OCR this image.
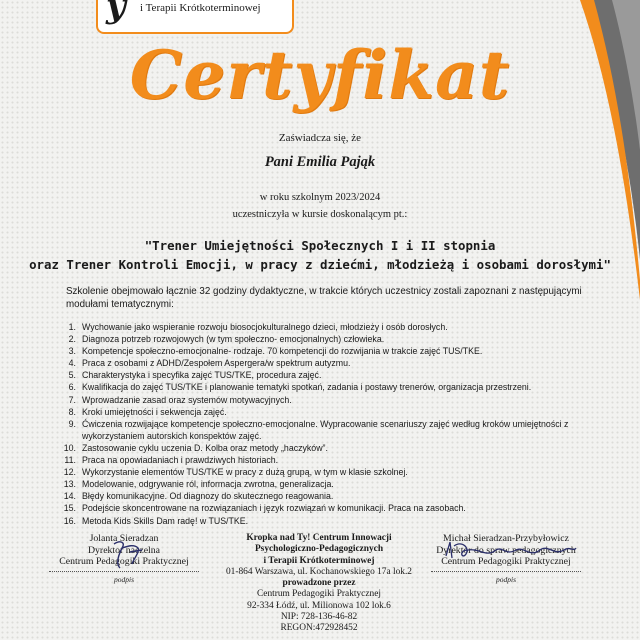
y i Terapii Krótkoterminowej
Certyfikat
Zaświadcza się, że
Pani Emilia Pająk
w roku szkolnym 2023/2024
uczestniczyła w kursie doskonalącym pt.:
"Trener Umiejętności Społecznych I i II stopnia
oraz Trener Kontroli Emocji, w pracy z dziećmi, młodzieżą i osobami dorosłymi"
Szkolenie obejmowało łącznie 32 godziny dydaktyczne, w trakcie których uczestnicy zostali zapoznani z następującymi modułami tematycznymi:
1. Wychowanie jako wspieranie rozwoju biosocjokulturalnego dzieci, młodzieży i osób dorosłych.
2. Diagnoza potrzeb rozwojowych (w tym społeczno- emocjonalnych) człowieka.
3. Kompetencje społeczno-emocjonalne- rodzaje. 70 kompetencji do rozwijania w trakcie zajęć TUS/TKE.
4. Praca z osobami z ADHD/Zespołem Aspergera/w spektrum autyzmu.
5. Charakterystyka i specyfika zajęć TUS/TKE, procedura zajęć.
6. Kwalifikacja do zajęć TUS/TKE i planowanie tematyki spotkań, zadania i postawy trenerów, organizacja przestrzeni.
7. Wprowadzanie zasad oraz systemów motywacyjnych.
8. Kroki umiejętności i sekwencja zajęć.
9. Ćwiczenia rozwijające kompetencje społeczno-emocjonalne. Wypracowanie scenariuszy zajęć według kroków umiejętności z wykorzystaniem autorskich konspektów zajęć.
10. Zastosowanie cyklu uczenia D. Kolba oraz metody „haczyków”.
11. Praca na opowiadaniach i prawdziwych historiach.
12. Wykorzystanie elementów TUS/TKE w pracy z dużą grupą, w tym w klasie szkolnej.
13. Modelowanie, odgrywanie ról, informacja zwrotna, generalizacja.
14. Błędy komunikacyjne. Od diagnozy do skutecznego reagowania.
15. Podejście skoncentrowane na rozwiązaniach i język rozwiązań w komunikacji. Praca na zasobach.
16. Metoda Kids Skills Dam radę! w TUS/TKE.
Jolanta Sieradzan
Dyrektor naczelna
Centrum Pedagogiki Praktycznej
podpis
Kropka nad Ty! Centrum Innowacji
Psychologiczno-Pedagogicznych
i Terapii Krótkoterminowej
01-864 Warszawa, ul. Kochanowskiego 17a lok.2
prowadzone przez
Centrum Pedagogiki Praktycznej
92-334 Łódź, ul. Milionowa 102 lok.6
NIP: 728-136-46-82
REGON:472928452
Michał Sieradzan-Przybyłowicz
Dyrektor do spraw pedagogicznych
Centrum Pedagogiki Praktycznej
podpis
